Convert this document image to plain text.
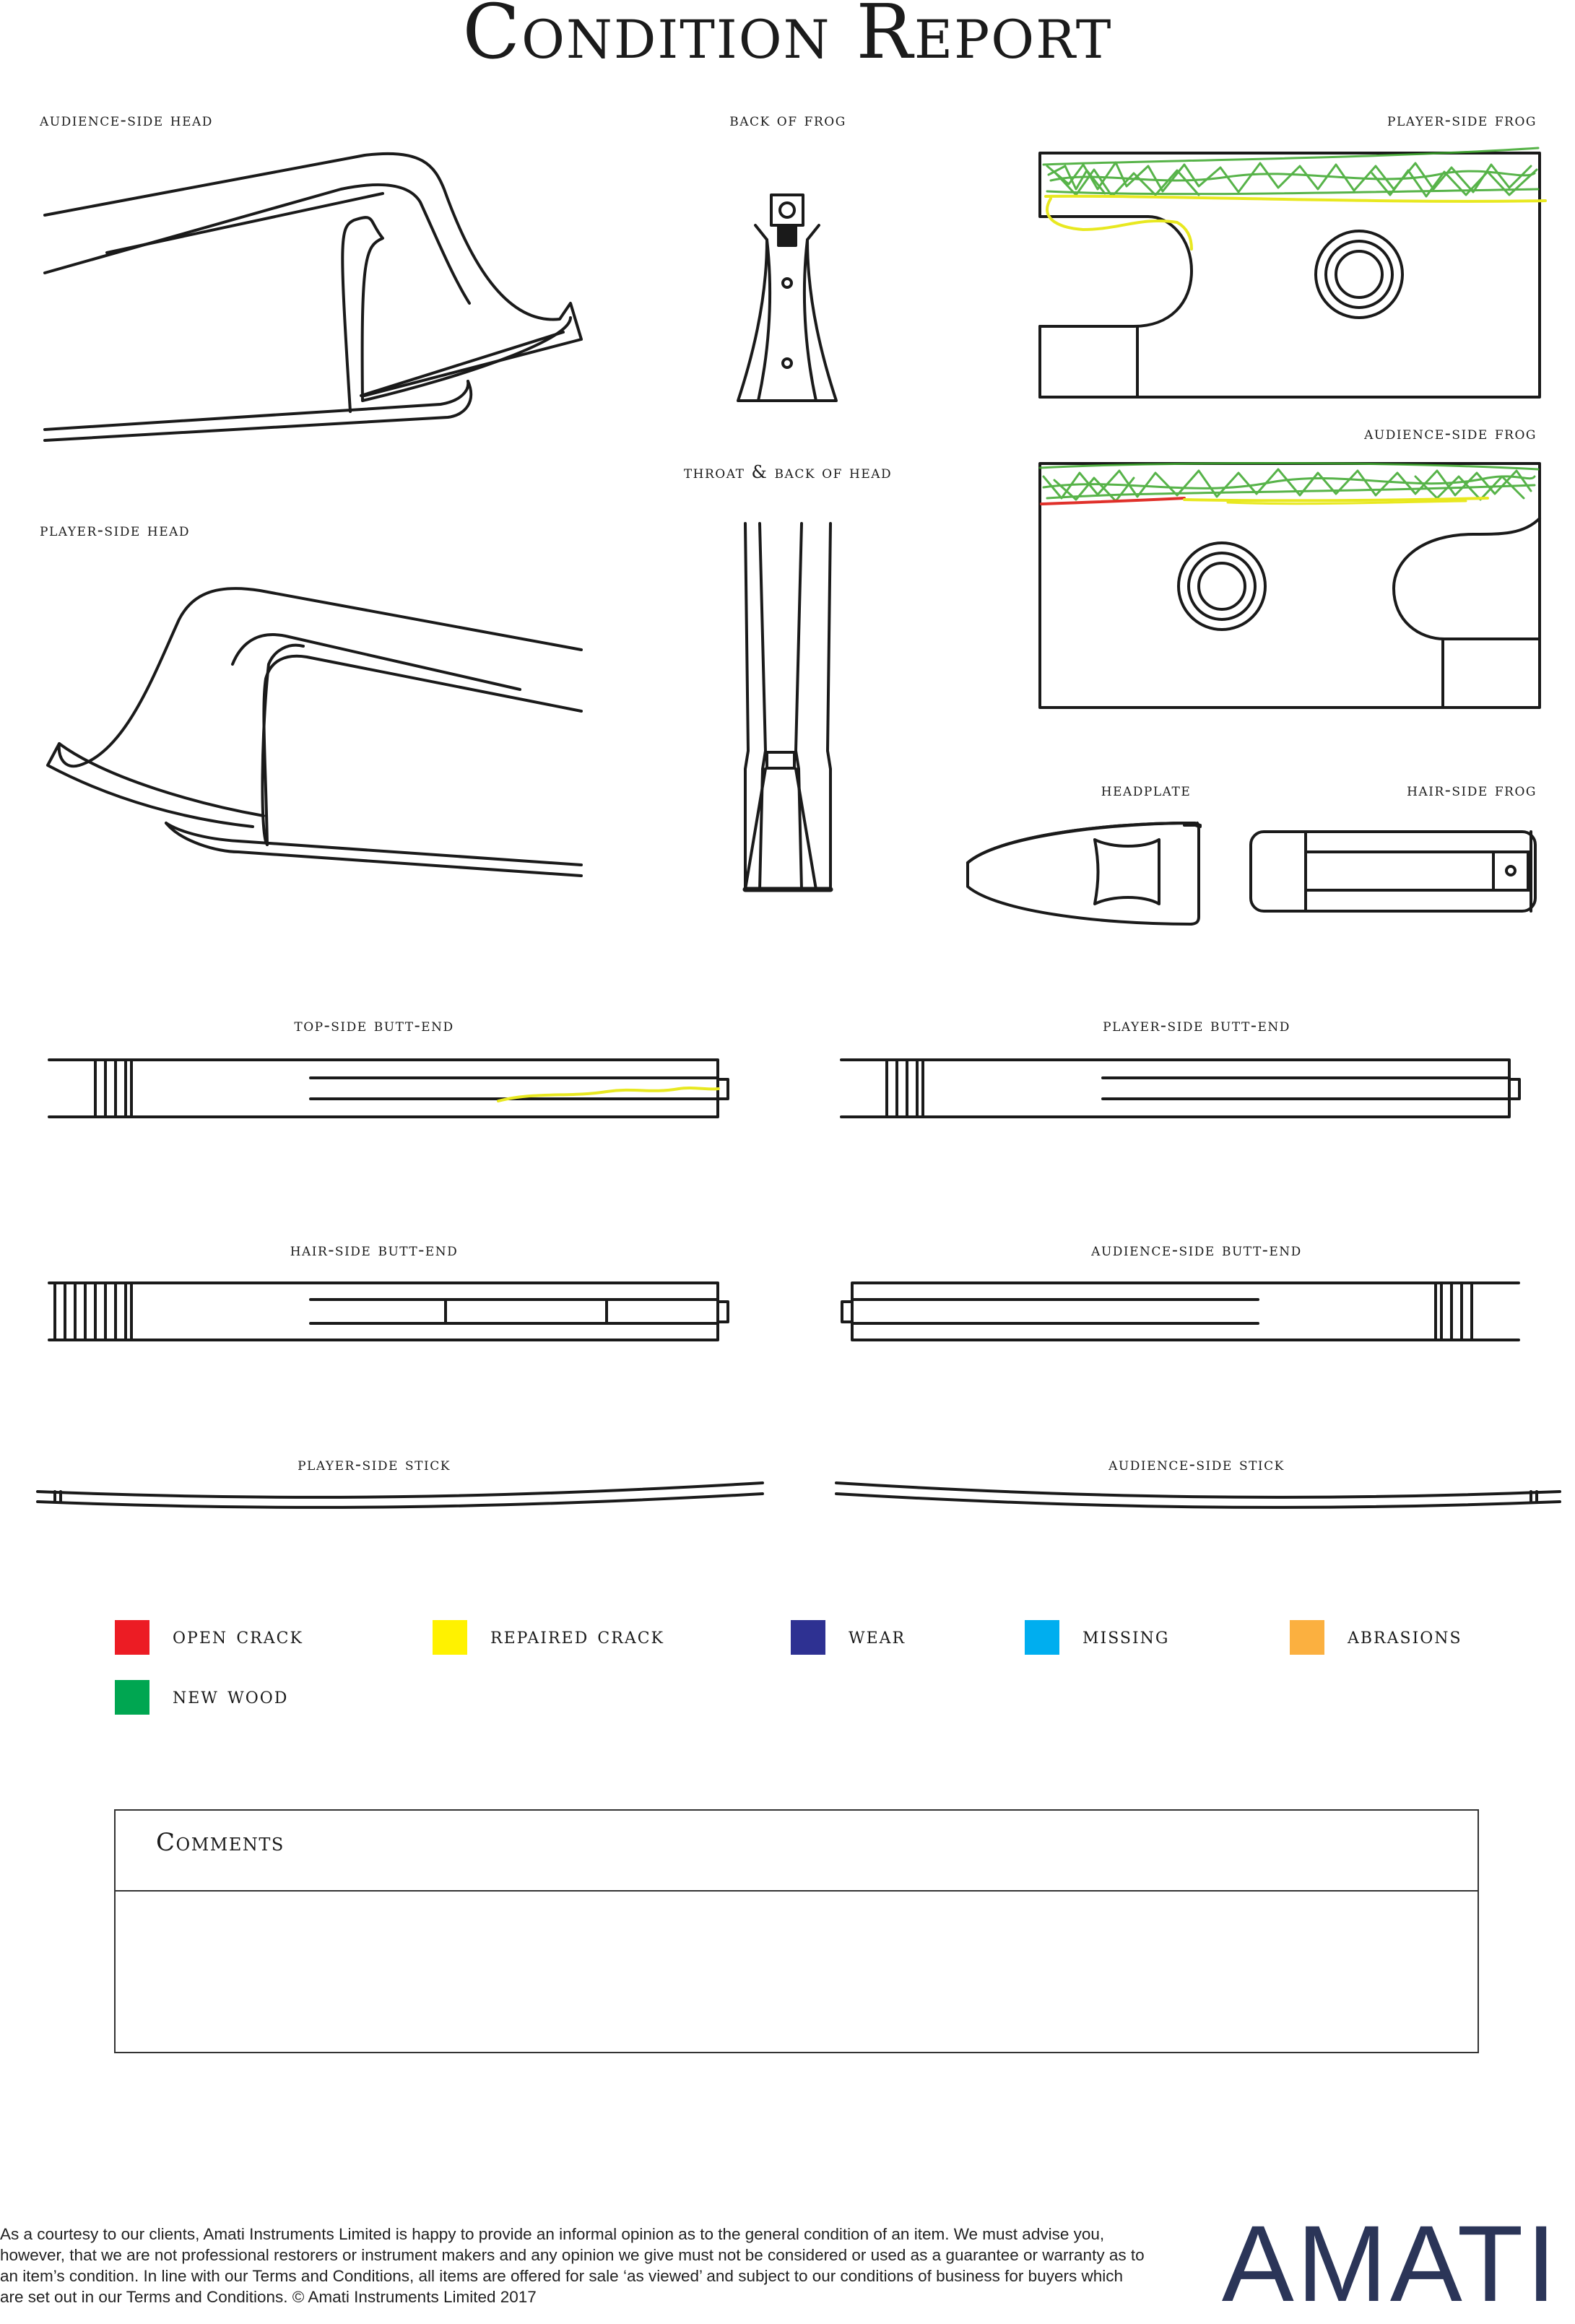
Condition Report
audience-side head	back of frog	player-side frog
throat & back of head
audience-side frog
player-side head
headplate	hair-side frog
top-side butt-end	player-side butt-end
hair-side butt-end	audience-side butt-end
player-side stick	audience-side stick
open crack	repaired crack	wear	missing	abrasions
new wood
Comments

As a courtesy to our clients, Amati Instruments Limited is happy to provide an informal opinion as to the general condition of an item. We must advise you, however, that we are not professional restorers or instrument makers and any opinion we give must not be considered or used as a guarantee or warranty as to an item’s condition. In line with our Terms and Conditions, all items are offered for sale ‘as viewed’ and subject to our conditions of business for buyers which are set out in our Terms and Conditions. © Amati Instruments Limited 2017	AMATI
